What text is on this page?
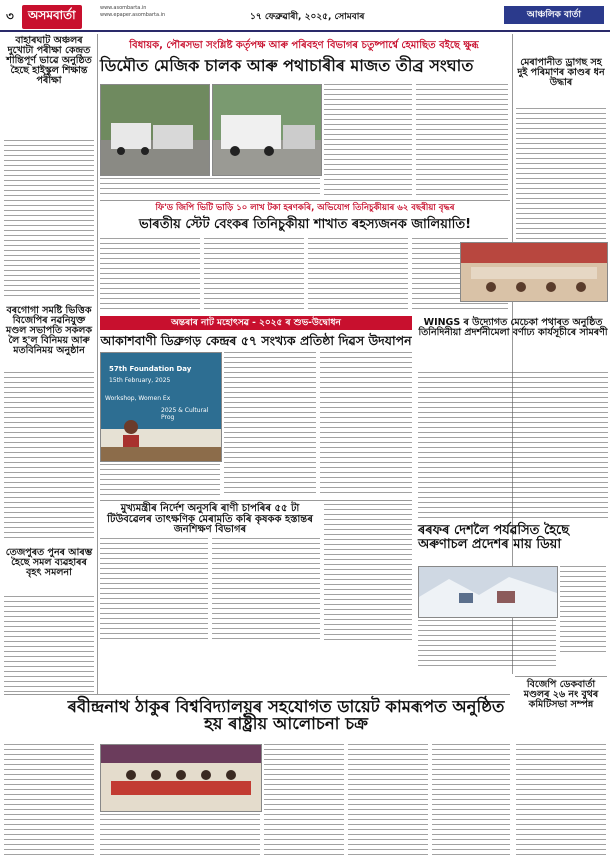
৩	অসমবাৰ্তা	www.asombarta.in
www.epaper.asombarta.in	১৭ ফেব্ৰুৱাৰী, ২০২৫, সোমবাৰ	আঞ্চলিক বাৰ্তা
বিধায়ক, পৌৰসভা সংশ্লিষ্ট কৰ্তৃপক্ষ আৰু পৰিবহণ বিভাগৰ চতুষ্পাৰ্শ্বে হেমাছিত বইছে ক্ষুব্ধ
ডিমৌত মেজিক চালক আৰু পথাচাৰীৰ মাজত তীব্ৰ সংঘাত
বাহাৰঘাট অঞ্চলৰ দুখোটা পৰীক্ষা কেন্দ্ৰত শান্তিপূৰ্ণ ভাৱে অনুষ্ঠিত হৈছে হাইস্কুল শিক্ষান্ত পৰীক্ষা
বৰগোগা সমষ্টি ভিত্তিক বিজেপিৰ নৱনিযুক্ত মণ্ডল সভাপতি সকলক লৈ হ'ল বিনিময় আৰু মতবিনিময় অনুষ্ঠান
তেজপুৰত পুনৰ আৰম্ভ হৈছে সমল ব্যৱহাৰৰ বৃহৎ সমলনা
মেৰাপানীত ড্ৰাগছ সহ দুই পৰিমাণৰ কাণ্ডৰ ধন উদ্ধাৰ
ফি'ড জিপি ভিটি ভাড়ি ১০ লাখ টকা হৰণকৰি, অভিযোগ তিনিচুকীয়াৰ ৬২ বছৰীয়া বৃদ্ধৰ
ভাৰতীয় স্টেট বেংকৰ তিনিচুকীয়া শাখাত ৰহস্যজনক জালিয়াতি!
WINGS ৰ উদ্যোগত মেচেকা পথাৰত অনুষ্ঠিত তিনিদিনীয়া প্ৰদৰ্শনীমেলা বৰ্ণাঢ্য কাৰ্যসূচীৰে সামৰণী
অন্তৰাৰ নাট মহোৎসৱ - ২০২৫ ৰ শুভ-উদ্বোধন
আকাশবাণী ডিব্ৰুগড় কেন্দ্ৰৰ ৫৭ সংখ্যক প্ৰতিষ্ঠা দিৱস উদযাপন
57th Foundation Day
15th February, 2025
Workshop, Women Ex
2025 & Cultural Prog
মুখ্যমন্ত্ৰীৰ নিৰ্দেশ অনুসৰি ৰাণী চাপৰিৰ ৫৫ টা টিউবৱেলৰ তাৎক্ষণিক মেৰামতি কৰি কৃষকক হস্তান্তৰ জনশিক্ষণ বিভাগৰ	ৰৰফৰ দেশলৈ পৰ্যৱসিত হৈছে অৰুণাচল প্ৰদেশৰ মায় ডিয়া
বিজেপি ডেকবাৰ্তা মণ্ডলৰ ২৬ নং বুথৰ কমিটিসভা সম্পন্ন
ৰবীন্দ্ৰনাথ ঠাকুৰ বিশ্ববিদ্যালয়ৰ সহযোগত ডায়েট কামৰূপত অনুষ্ঠিত হয় ৰাষ্ট্ৰীয় আলোচনা চক্ৰ
